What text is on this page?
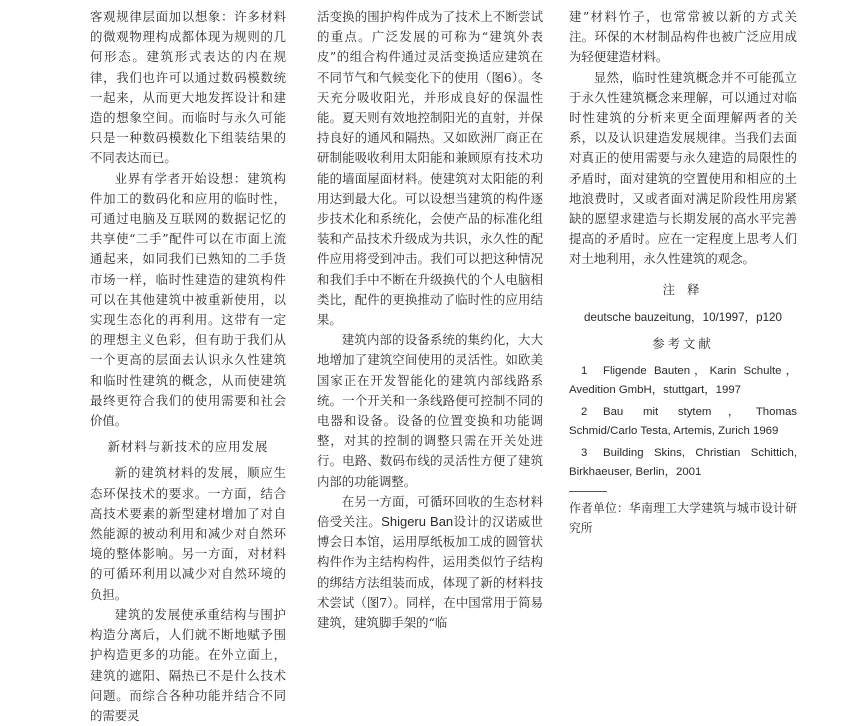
客观规律层面加以想象：许多材料的微观物理构成都体现为规则的几何形态。建筑形式表达的内在规律，我们也许可以通过数码模数统一起来，从而更大地发挥设计和建造的想象空间。而临时与永久可能只是一种数码模数化下组装结果的不同表达而已。

业界有学者开始设想：建筑构件加工的数码化和应用的临时性，可通过电脑及互联网的数据记忆的共享使“二手”配件可以在市面上流通起来，如同我们已熟知的二手货市场一样，临时性建造的建筑构件可以在其他建筑中被重新使用，以实现生态化的再利用。这带有一定的理想主义色彩，但有助于我们从一个更高的层面去认识永久性建筑和临时性建筑的概念，从而使建筑最终更符合我们的使用需要和社会价值。

新材料与新技术的应用发展

新的建筑材料的发展，顺应生态环保技术的要求。一方面，结合高技术要素的新型建材增加了对自然能源的被动利用和减少对自然环境的整体影响。另一方面，对材料的可循环利用以减少对自然环境的负担。

建筑的发展使承重结构与围护构造分离后，人们就不断地赋予围护构造更多的功能。在外立面上，建筑的遮阳、隔热已不是什么技术问题。而综合各种功能并结合不同的需要灵

活变换的围护构件成为了技术上不断尝试的重点。广泛发展的可称为“建筑外表皮”的组合构件通过灵活变换适应建筑在不同节气和气候变化下的使用（图6）。冬天充分吸收阳光，并形成良好的保温性能。夏天则有效地控制阳光的直射，并保持良好的通风和隔热。又如欧洲厂商正在研制能吸收利用太阳能和兼顾原有技术功能的墙面屋面材料。使建筑对太阳能的利用达到最大化。可以设想当建筑的构件逐步技术化和系统化，会使产品的标准化组装和产品技术升级成为共识，永久性的配件应用将受到冲击。我们可以把这种情况和我们手中不断在升级换代的个人电脑相类比，配件的更换推动了临时性的应用结果。

建筑内部的设备系统的集约化，大大地增加了建筑空间使用的灵活性。如欧美国家正在开发智能化的建筑内部线路系统。一个开关和一条线路便可控制不同的电器和设备。设备的位置变换和功能调整，对其的控制的调整只需在开关处进行。电路、数码布线的灵活性方便了建筑内部的功能调整。

在另一方面，可循环回收的生态材料倍受关注。Shigeru Ban设计的汉诺威世博会日本馆，运用厚纸板加工成的圆管状构件作为主结构构件，运用类似竹子结构的绑结方法组装而成，体现了新的材料技术尝试（图7）。同样，在中国常用于简易建筑，建筑脚手架的“临

建”材料竹子，也常常被以新的方式关注。环保的木材制品构件也被广泛应用成为轻便建造材料。

显然，临时性建筑概念并不可能孤立于永久性建筑概念来理解，可以通过对临时性建筑的分析来更全面理解两者的关系，以及认识建造发展规律。当我们去面对真正的使用需要与永久建造的局限性的矛盾时，面对建筑的空置使用和相应的土地浪费时，又或者面对满足阶段性用房紧缺的愿望求建造与长期发展的高水平完善提高的矛盾时。应在一定程度上思考人们对土地利用，永久性建筑的观念。

注 释

deutsche bauzeitung，10/1997，p120

参考文献

1 Fligende Bauten，Karin Schulte，Avedition GmbH，stuttgart，1997

2 Bau mit stytem，Thomas Schmid/Carlo Testa, Artemis, Zurich 1969

3 Building Skins, Christian Schittich, Birkhaeuser, Berlin，2001

作者单位：华南理工大学建筑与城市设计研究所
